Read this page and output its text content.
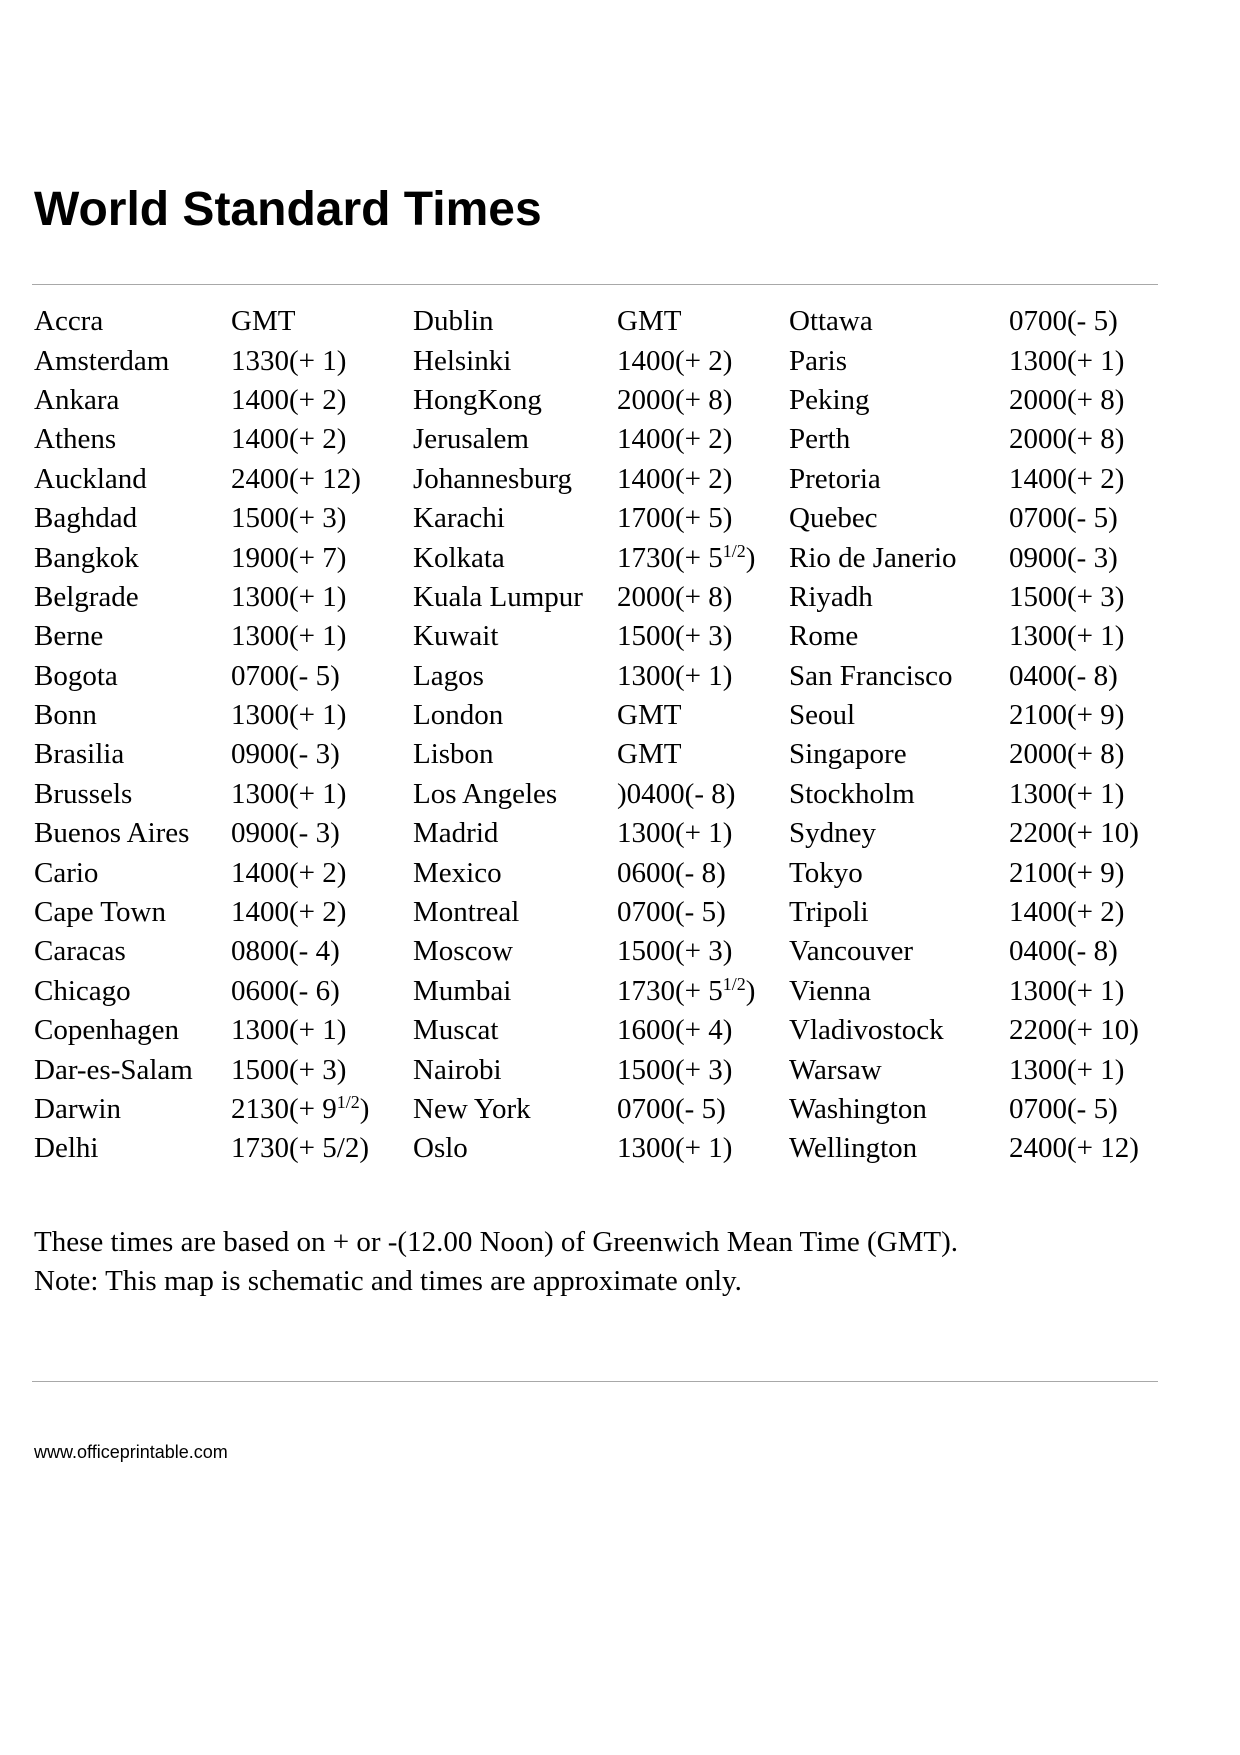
World Standard Times
Accra	GMT	Dublin	GMT	Ottawa	0700(- 5)
Amsterdam	1330(+ 1)	Helsinki	1400(+ 2)	Paris	1300(+ 1)
Ankara	1400(+ 2)	HongKong	2000(+ 8)	Peking	2000(+ 8)
Athens	1400(+ 2)	Jerusalem	1400(+ 2)	Perth	2000(+ 8)
Auckland	2400(+ 12)	Johannesburg	1400(+ 2)	Pretoria	1400(+ 2)
Baghdad	1500(+ 3)	Karachi	1700(+ 5)	Quebec	0700(- 5)
Bangkok	1900(+ 7)	Kolkata	$1730(+ 5^{1/2})$	Rio de Janerio	0900(- 3)
Belgrade	1300(+ 1)	Kuala Lumpur	2000(+ 8)	Riyadh	1500(+ 3)
Berne	1300(+ 1)	Kuwait	1500(+ 3)	Rome	1300(+ 1)
Bogota	0700(- 5)	Lagos	1300(+ 1)	San Francisco	0400(- 8)
Bonn	1300(+ 1)	London	GMT	Seoul	2100(+ 9)
Brasilia	0900(- 3)	Lisbon	GMT	Singapore	2000(+ 8)
Brussels	1300(+ 1)	Los Angeles	)0400(- 8)	Stockholm	1300(+ 1)
Buenos Aires	0900(- 3)	Madrid	1300(+ 1)	Sydney	2200(+ 10)
Cario	1400(+ 2)	Mexico	0600(- 8)	Tokyo	2100(+ 9)
Cape Town	1400(+ 2)	Montreal	0700(- 5)	Tripoli	1400(+ 2)
Caracas	0800(- 4)	Moscow	1500(+ 3)	Vancouver	0400(- 8)
Chicago	0600(- 6)	Mumbai	$1730(+ 5^{1/2})$	Vienna	1300(+ 1)
Copenhagen	1300(+ 1)	Muscat	1600(+ 4)	Vladivostock	2200(+ 10)
Dar-es-Salam	1500(+ 3)	Nairobi	1500(+ 3)	Warsaw	1300(+ 1)
Darwin	$2130(+ 9^{1/2})$	New York	0700(- 5)	Washington	0700(- 5)
Delhi	1730(+ 5/2)	Oslo	1300(+ 1)	Wellington	2400(+ 12)

These times are based on + or -(12.00 Noon) of Greenwich Mean Time (GMT).

Note: This map is schematic and times are approximate only.

www.officeprintable.com
